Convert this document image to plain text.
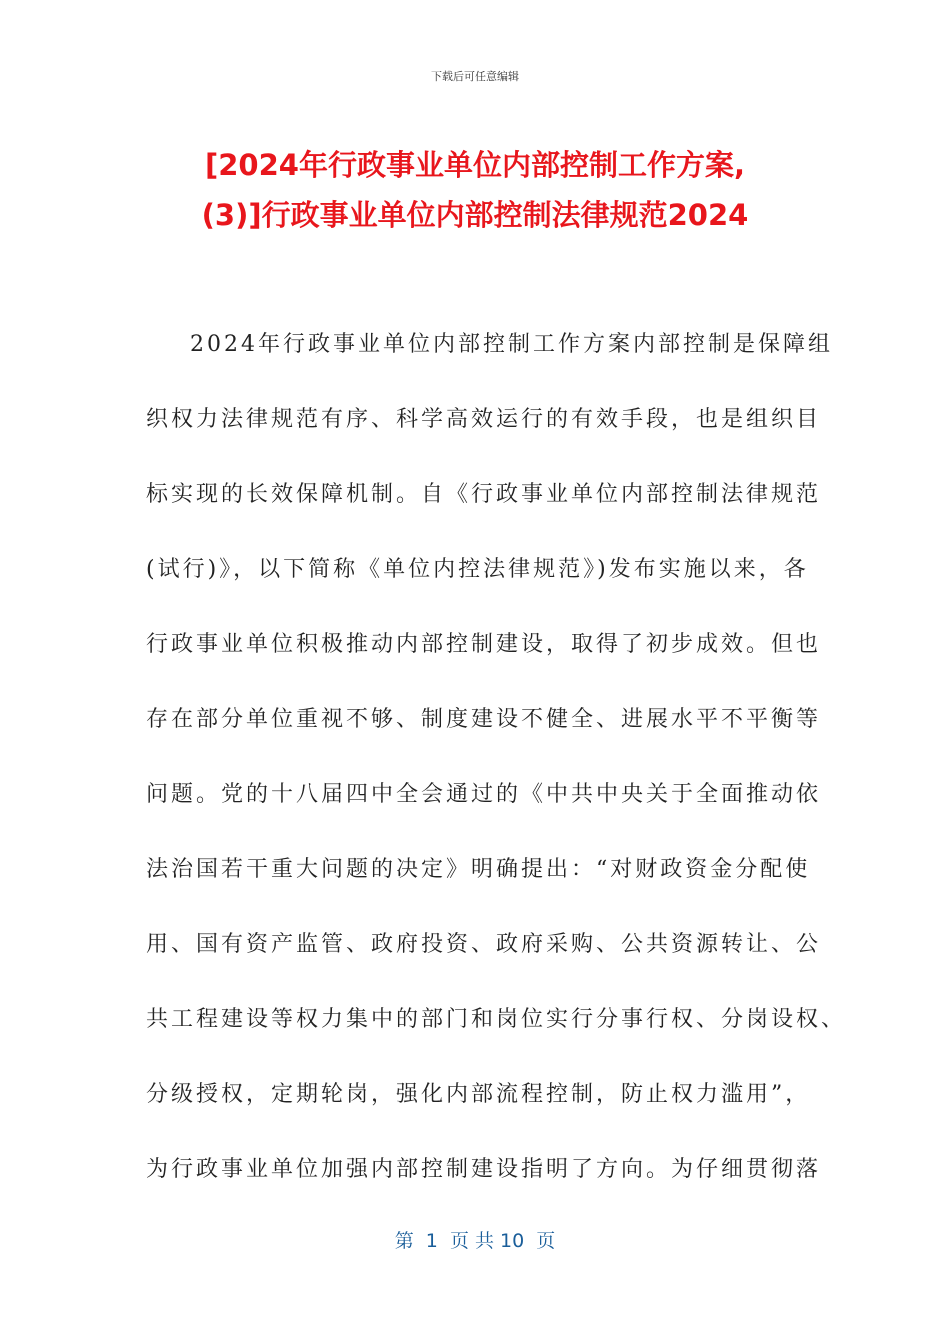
下载后可任意编辑
[2024年行政事业单位内部控制工作方案,
(3)]行政事业单位内部控制法律规范2024
2024年行政事业单位内部控制工作方案内部控制是保障组
织权力法律规范有序、科学高效运行的有效手段，也是组织目
标实现的长效保障机制。自《行政事业单位内部控制法律规范
(试行)》，以下简称《单位内控法律规范》)发布实施以来，各
行政事业单位积极推动内部控制建设，取得了初步成效。但也
存在部分单位重视不够、制度建设不健全、进展水平不平衡等
问题。党的十八届四中全会通过的《中共中央关于全面推动依
法治国若干重大问题的决定》明确提出：“对财政资金分配使
用、国有资产监管、政府投资、政府采购、公共资源转让、公
共工程建设等权力集中的部门和岗位实行分事行权、分岗设权、
分级授权，定期轮岗，强化内部流程控制，防止权力滥用”，
为行政事业单位加强内部控制建设指明了方向。为仔细贯彻落
第  1  页 共 10  页
